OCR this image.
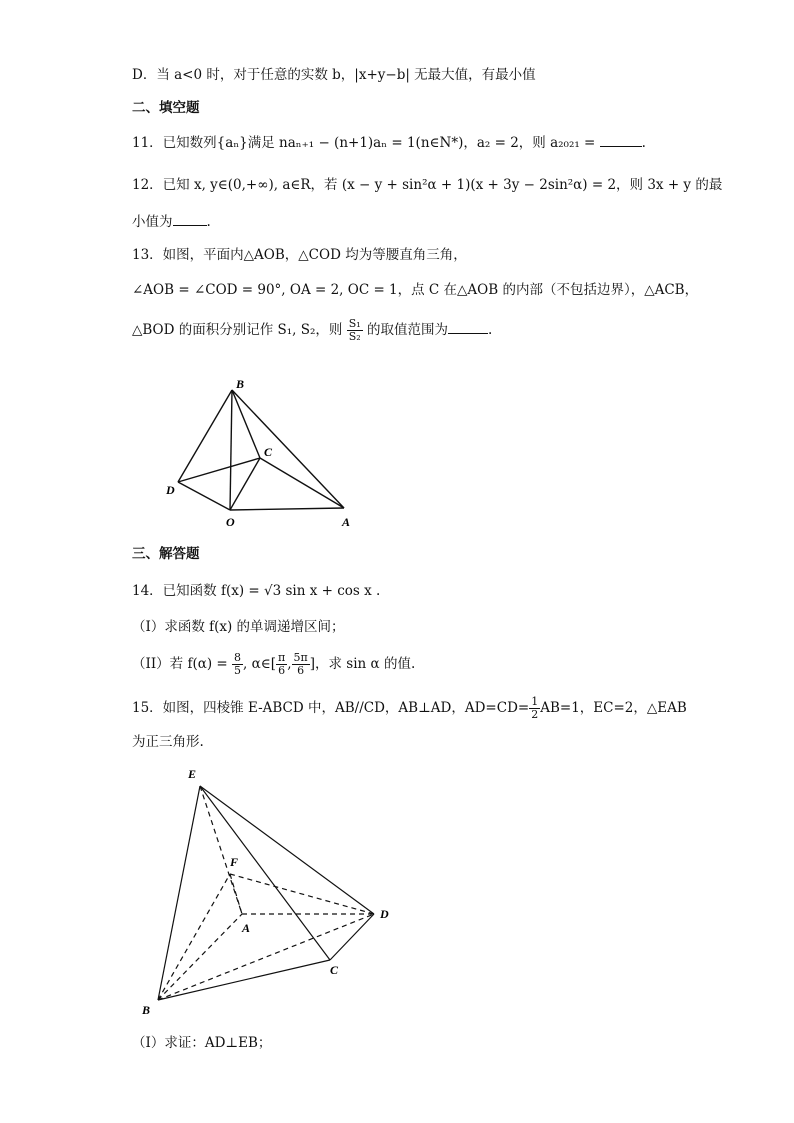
D．当 a<0 时，对于任意的实数 b，|x+y−b| 无最大值，有最小值
二、填空题
11．已知数列{aₙ}满足 naₙ₊₁ − (n+1)aₙ = 1(n∈N*)，a₂ = 2，则 a₂₀₂₁ =	.
12．已知 x, y∈(0,+∞), a∈R，若 (x − y + sin²α + 1)(x + 3y − 2sin²α) = 2，则 3x + y 的最
小值为	.
13．如图，平面内△AOB，△COD 均为等腰直角三角，
∠AOB = ∠COD = 90°, OA = 2, OC = 1，点 C 在△AOB 的内部（不包括边界），△ACB，
△BOD 的面积分别记作 S₁, S₂，则 $\frac{\text{S₁}}{\text{S₂}}$ 的取值范围为	.
B
C
D
O	A
三、解答题
14．已知函数 f(x) = √3 sin x + cos x .
（I）求函数 f(x) 的单调递增区间；
（II）若 $f(\alpha) = \frac{8}{5}$ , α∈[ $\frac{\pi}{6}$ , $\frac{5\pi}{6}$ ]，求 sin α 的值.
15．如图，四棱锥 E-ABCD 中，AB//CD，AB⊥AD，$AD=CD= \frac{1}{2} AB=1$，EC=2，△EAB
为正三角形.
E
F
A
D
C
B
（Ⅰ）求证：AD⊥EB；
